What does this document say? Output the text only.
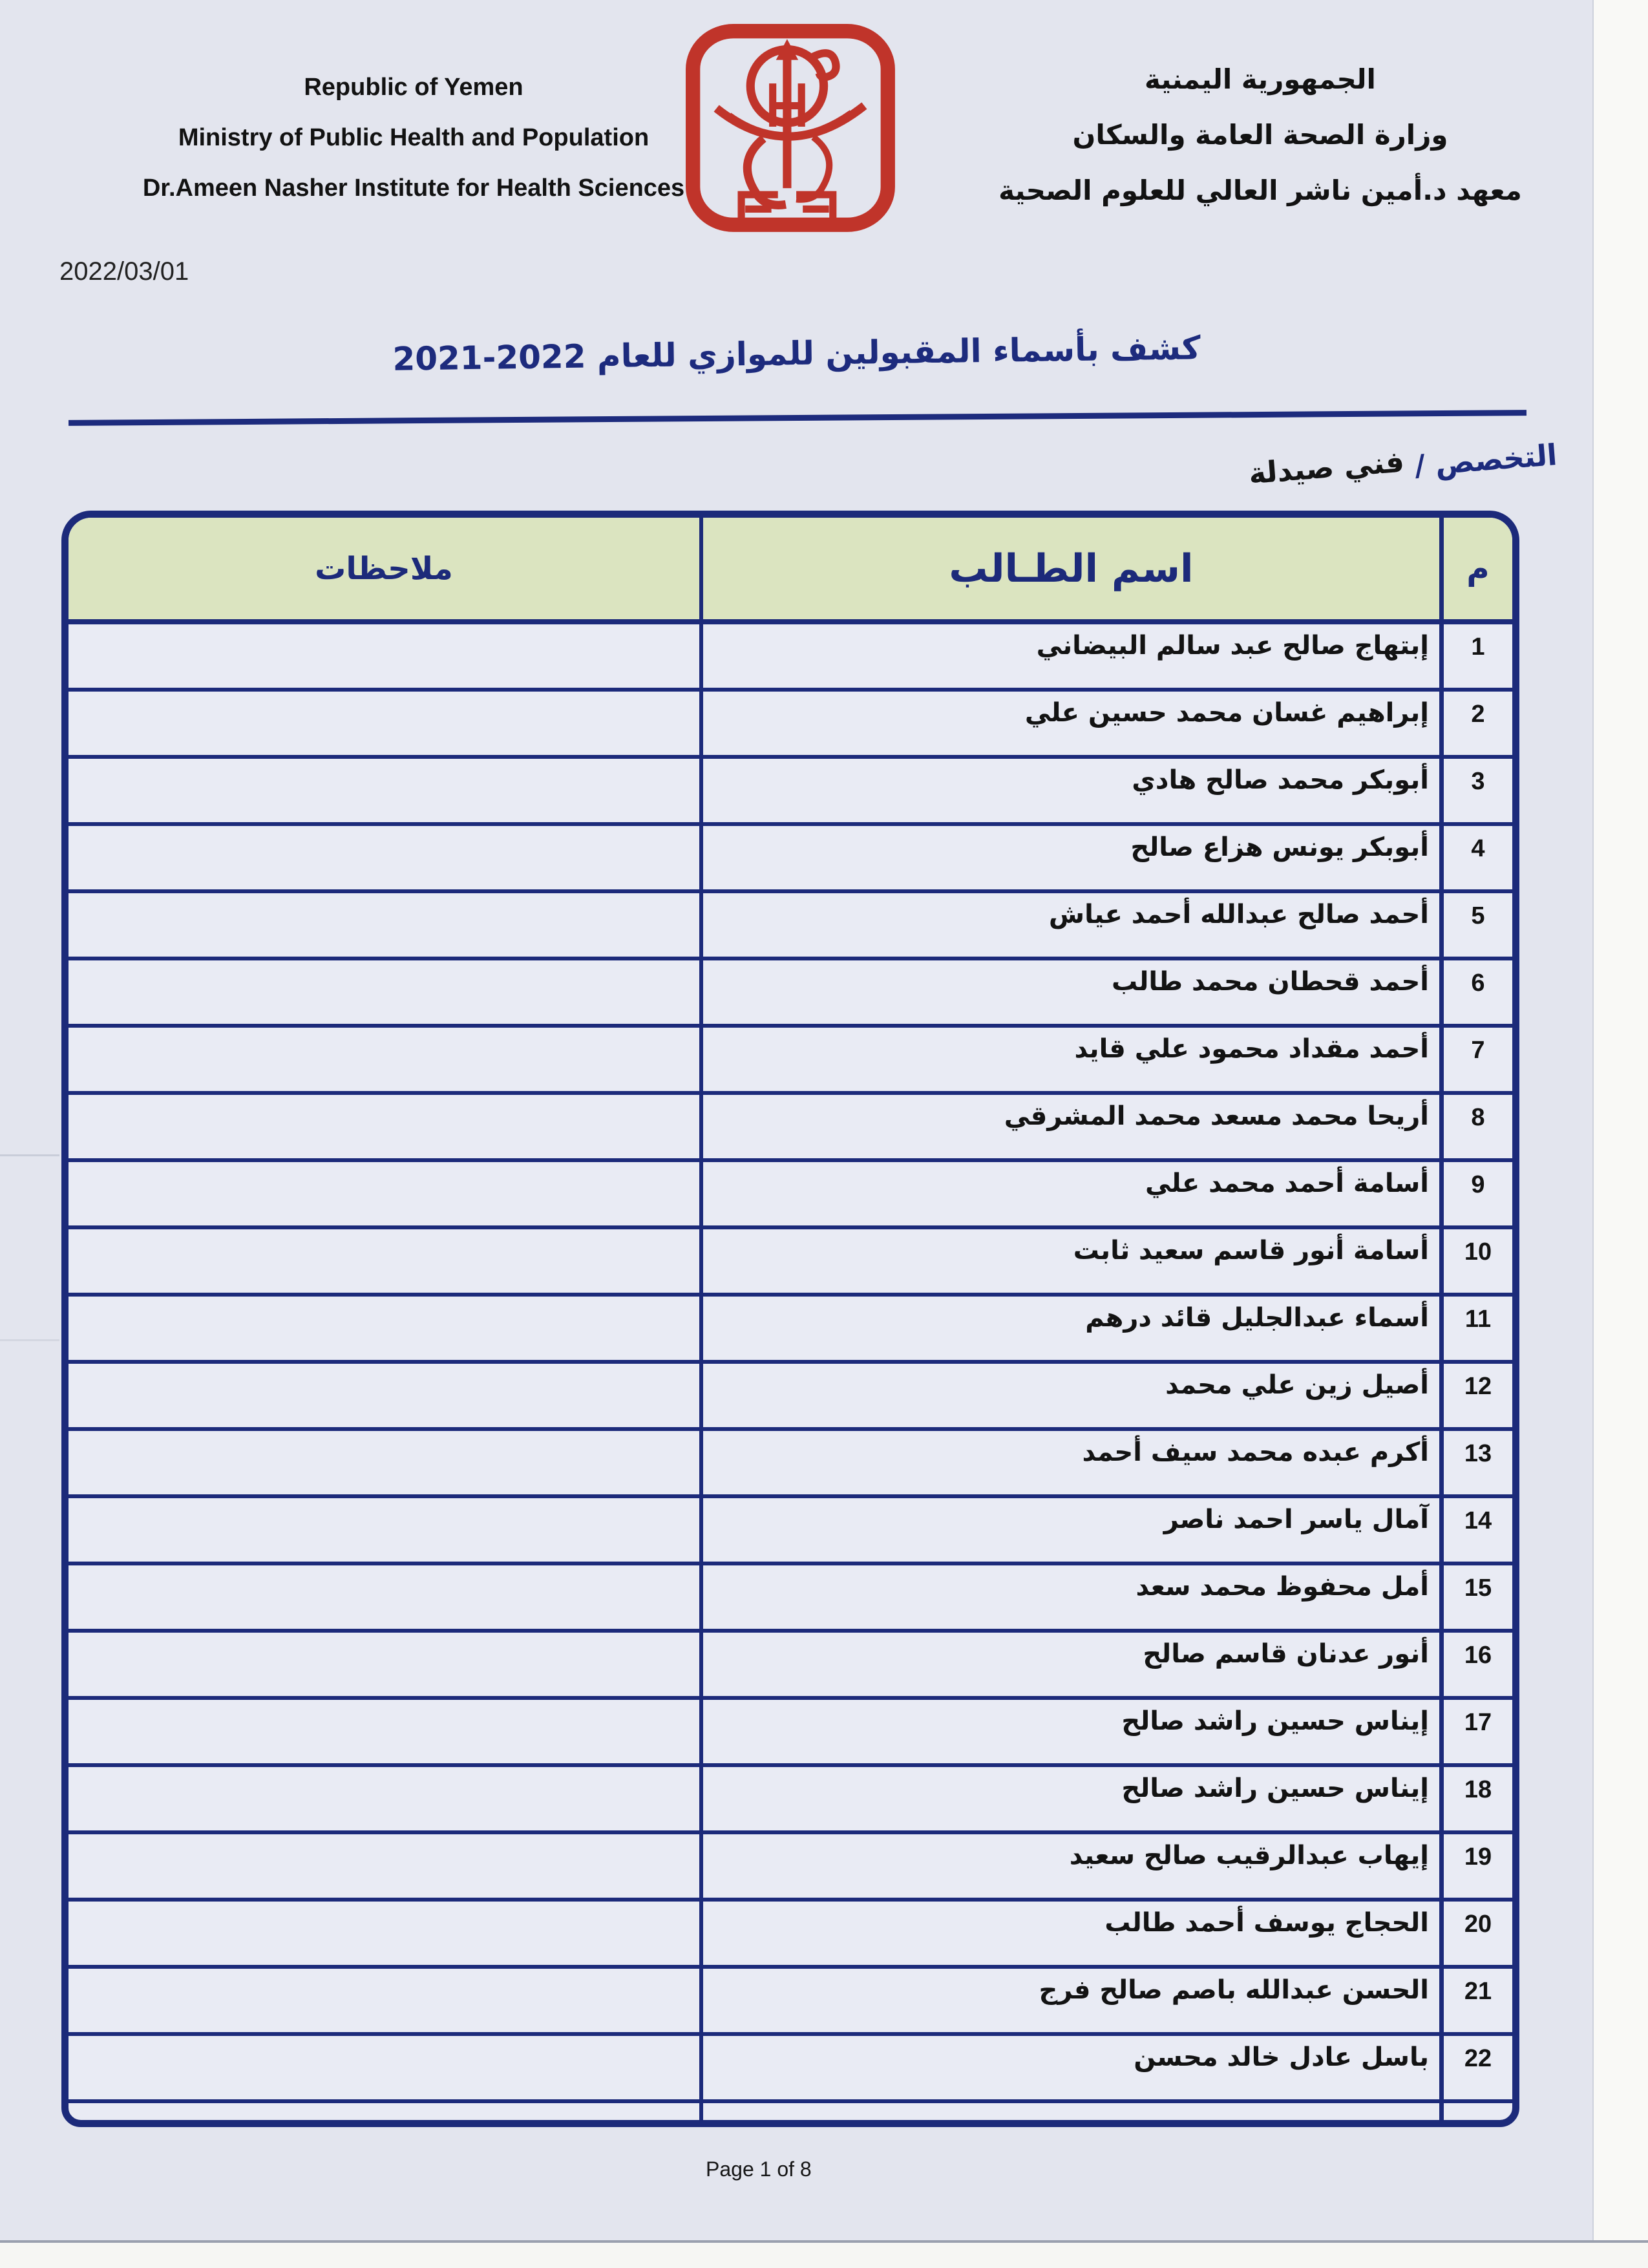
Republic of Yemen
Ministry of Public Health and Population
Dr.Ameen Nasher Institute for Health Sciences
الجمهورية اليمنية
وزارة الصحة العامة والسكان
معهد د.أمين ناشر العالي للعلوم الصحية
2022/03/01
كشف بأسماء المقبولين للموازي للعام 2022-2021
التخصص / فني صيدلة
ملاحظات	اسم الطـالب	م
إبتهاج صالح عبد سالم البيضاني	1
إبراهيم غسان محمد حسين علي	2
أبوبكر محمد صالح هادي	3
أبوبكر يونس هزاع صالح	4
أحمد صالح عبدالله أحمد عياش	5
أحمد قحطان محمد طالب	6
أحمد مقداد محمود علي قايد	7
أريحا محمد مسعد محمد المشرقي	8
أسامة أحمد محمد علي	9
أسامة أنور قاسم سعيد ثابت	10
أسماء عبدالجليل قائد درهم	11
أصيل زين علي محمد	12
أكرم عبده محمد سيف أحمد	13
آمال ياسر احمد ناصر	14
أمل محفوظ محمد سعد	15
أنور عدنان قاسم صالح	16
إيناس حسين راشد صالح	17
إيناس حسين راشد صالح	18
إيهاب عبدالرقيب صالح سعيد	19
الحجاج يوسف أحمد طالب	20
الحسن عبدالله باصم صالح فرج	21
باسل عادل خالد محسن	22
Page 1 of 8
